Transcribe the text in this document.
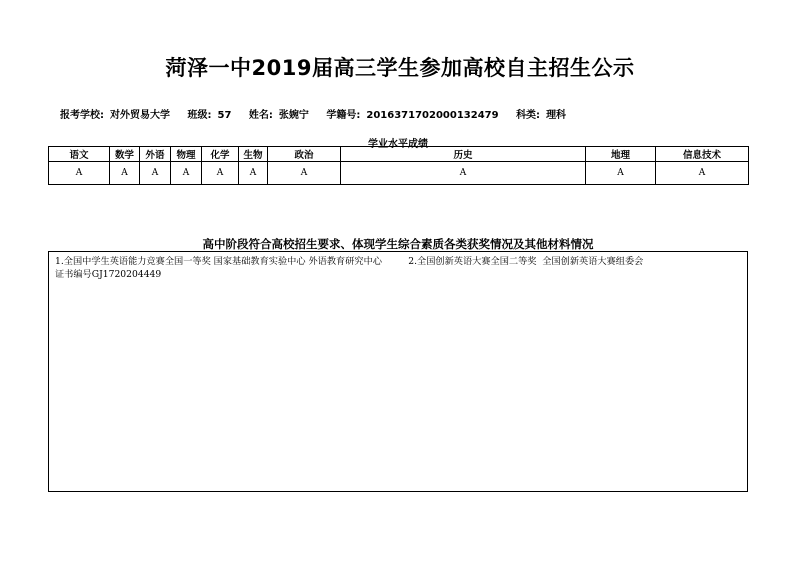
菏泽一中2019届高三学生参加高校自主招生公示
报考学校: 对外贸易大学 班级: 57 姓名: 张婉宁 学籍号: 2016371702000132479 科类: 理科
学业水平成绩
语文	数学	外语	物理	化学	生物	政治	历史	地理	信息技术
A	A	A	A	A	A	A	A	A	A
高中阶段符合高校招生要求、体现学生综合素质各类获奖情况及其他材料情况
1.全国中学生英语能力竞赛全国一等奖 国家基础教育实验中心 外语教育研究中心         2.全国创新英语大赛全国二等奖  全国创新英语大赛组委会
证书编号GJ1720204449
